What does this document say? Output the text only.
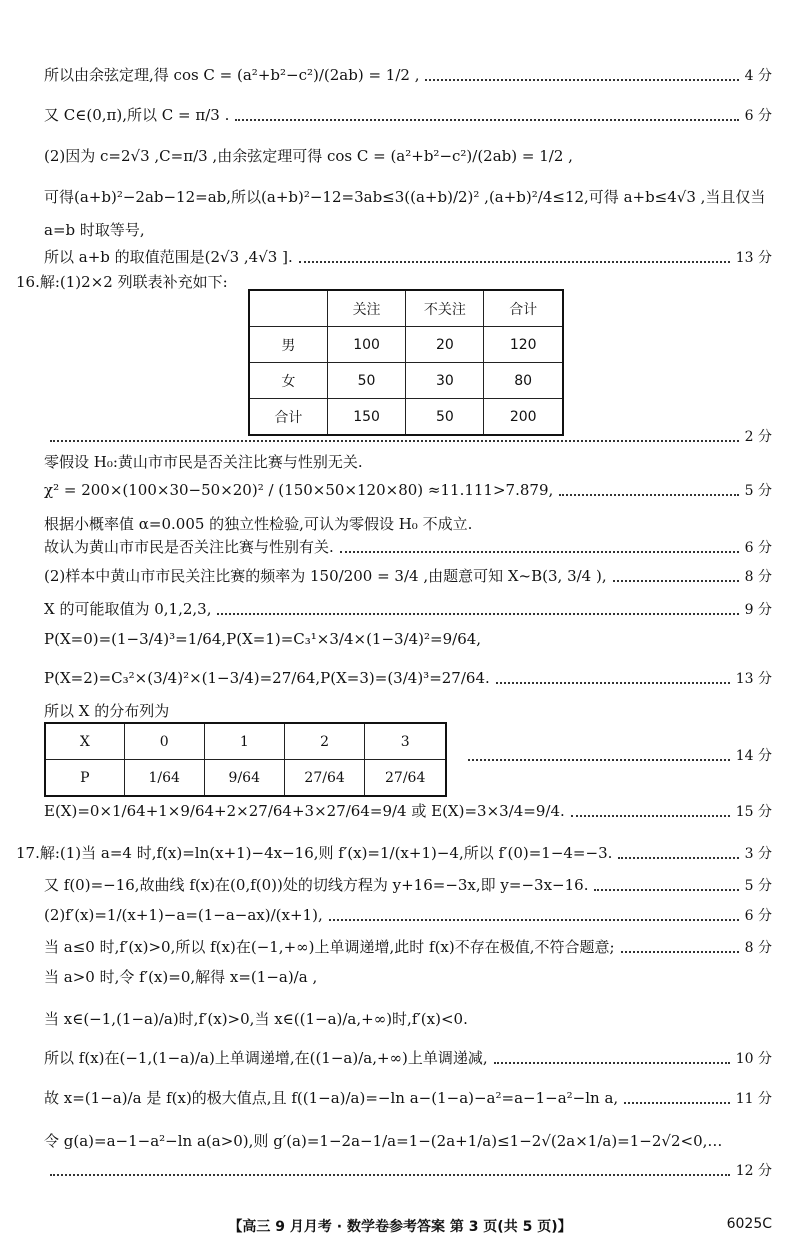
所以由余弦定理,得 cos C = (a²+b²−c²)/(2ab) = 1/2 ,	4 分
又 C∈(0,π),所以 C = π/3 .	6 分
(2)因为 c=2√3 ,C=π/3 ,由余弦定理可得 cos C = (a²+b²−c²)/(2ab) = 1/2 ,
可得(a+b)²−2ab−12=ab,所以(a+b)²−12=3ab≤3((a+b)/2)² ,(a+b)²/4≤12,可得 a+b≤4√3 ,当且仅当
a=b 时取等号,
所以 a+b 的取值范围是(2√3 ,4√3 ].	13 分
16.解:(1)2×2 列联表补充如下:
	关注	不关注	合计
男	100	20	120
女	50	30	80
合计	150	50	200
2 分
零假设 H₀:黄山市市民是否关注比赛与性别无关.
χ² = 200×(100×30−50×20)² / (150×50×120×80) ≈11.111>7.879,	5 分
根据小概率值 α=0.005 的独立性检验,可认为零假设 H₀ 不成立.
故认为黄山市市民是否关注比赛与性别有关.	6 分
(2)样本中黄山市市民关注比赛的频率为 150/200 = 3/4 ,由题意可知 X~B(3, 3/4 ),	8 分
X 的可能取值为 0,1,2,3,	9 分
P(X=0)=(1−3/4)³=1/64,P(X=1)=C₃¹×3/4×(1−3/4)²=9/64,
P(X=2)=C₃²×(3/4)²×(1−3/4)=27/64,P(X=3)=(3/4)³=27/64.	13 分
所以 X 的分布列为
X	0	1	2	3
P	1/64	9/64	27/64	27/64
14 分
E(X)=0×1/64+1×9/64+2×27/64+3×27/64=9/4 或 E(X)=3×3/4=9/4.	15 分
17.解:(1)当 a=4 时,f(x)=ln(x+1)−4x−16,则 f′(x)=1/(x+1)−4,所以 f′(0)=1−4=−3.	3 分
又 f(0)=−16,故曲线 f(x)在(0,f(0))处的切线方程为 y+16=−3x,即 y=−3x−16.	5 分
(2)f′(x)=1/(x+1)−a=(1−a−ax)/(x+1),	6 分
当 a≤0 时,f′(x)>0,所以 f(x)在(−1,+∞)上单调递增,此时 f(x)不存在极值,不符合题意;	8 分
当 a>0 时,令 f′(x)=0,解得 x=(1−a)/a ,
当 x∈(−1,(1−a)/a)时,f′(x)>0,当 x∈((1−a)/a,+∞)时,f′(x)<0.
所以 f(x)在(−1,(1−a)/a)上单调递增,在((1−a)/a,+∞)上单调递减,	10 分
故 x=(1−a)/a 是 f(x)的极大值点,且 f((1−a)/a)=−ln a−(1−a)−a²=a−1−a²−ln a,	11 分
令 g(a)=a−1−a²−ln a(a>0),则 g′(a)=1−2a−1/a=1−(2a+1/a)≤1−2√(2a×1/a)=1−2√2<0,…
12 分
【高三 9 月月考 · 数学卷参考答案 第 3 页(共 5 页)】	6025C
